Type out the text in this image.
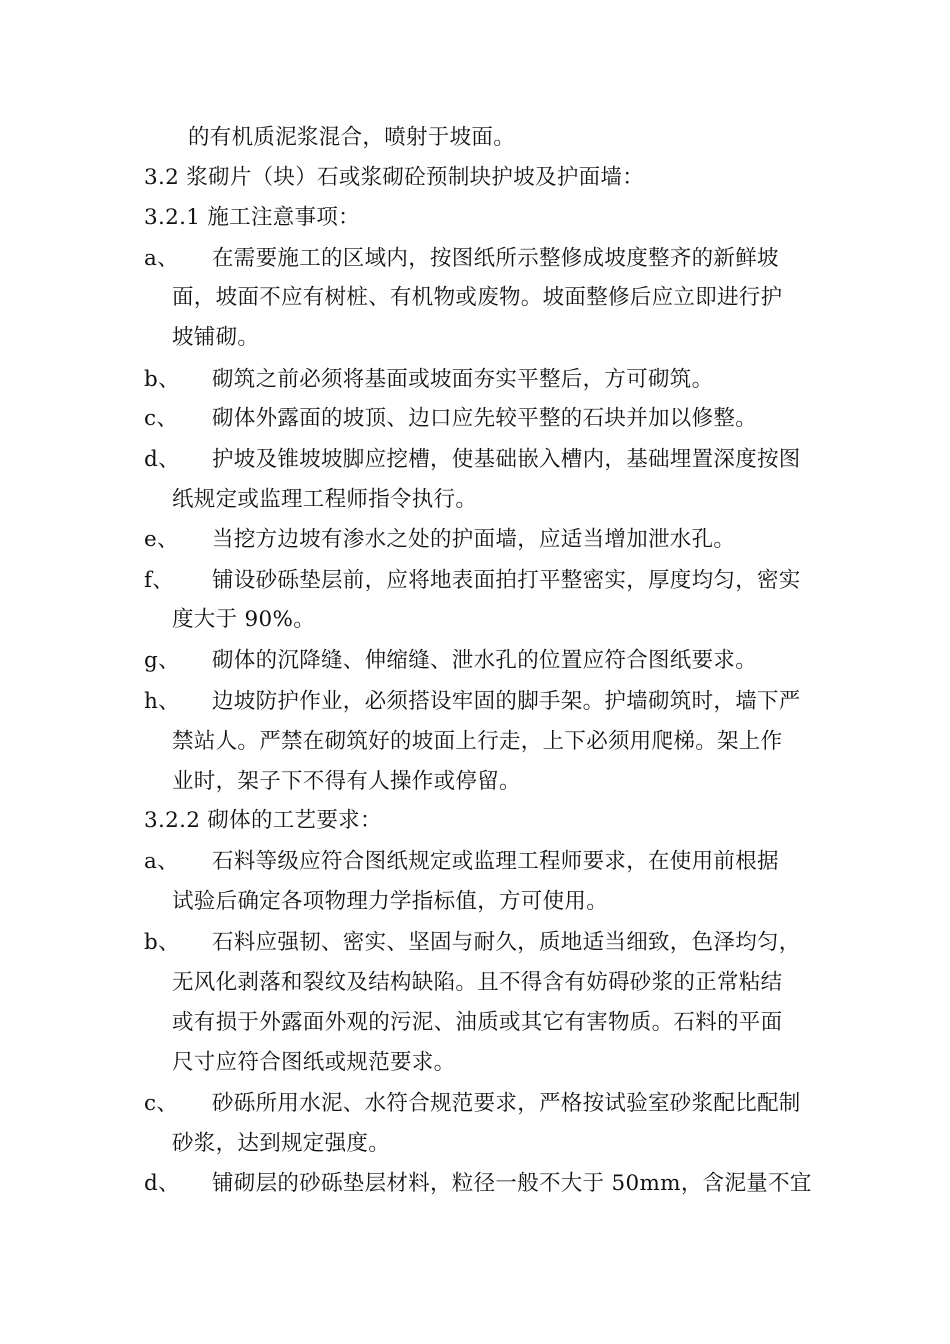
的有机质泥浆混合，喷射于坡面。
3.2 浆砌片（块）石或浆砌砼预制块护坡及护面墙：
3.2.1 施工注意事项：
a、 在需要施工的区域内，按图纸所示整修成坡度整齐的新鲜坡
面，坡面不应有树桩、有机物或废物。坡面整修后应立即进行护
坡铺砌。
b、 砌筑之前必须将基面或坡面夯实平整后，方可砌筑。
c、 砌体外露面的坡顶、边口应先较平整的石块并加以修整。
d、 护坡及锥坡坡脚应挖槽，使基础嵌入槽内，基础埋置深度按图
纸规定或监理工程师指令执行。
e、 当挖方边坡有渗水之处的护面墙，应适当增加泄水孔。
f、 铺设砂砾垫层前，应将地表面拍打平整密实，厚度均匀，密实
度大于 90%。
g、 砌体的沉降缝、伸缩缝、泄水孔的位置应符合图纸要求。
h、 边坡防护作业，必须搭设牢固的脚手架。护墙砌筑时，墙下严
禁站人。严禁在砌筑好的坡面上行走，上下必须用爬梯。架上作
业时，架子下不得有人操作或停留。
3.2.2 砌体的工艺要求：
a、 石料等级应符合图纸规定或监理工程师要求，在使用前根据
试验后确定各项物理力学指标值，方可使用。
b、 石料应强韧、密实、坚固与耐久，质地适当细致，色泽均匀，
无风化剥落和裂纹及结构缺陷。且不得含有妨碍砂浆的正常粘结
或有损于外露面外观的污泥、油质或其它有害物质。石料的平面
尺寸应符合图纸或规范要求。
c、 砂砾所用水泥、水符合规范要求，严格按试验室砂浆配比配制
砂浆，达到规定强度。
d、 铺砌层的砂砾垫层材料，粒径一般不大于 50mm，含泥量不宜
